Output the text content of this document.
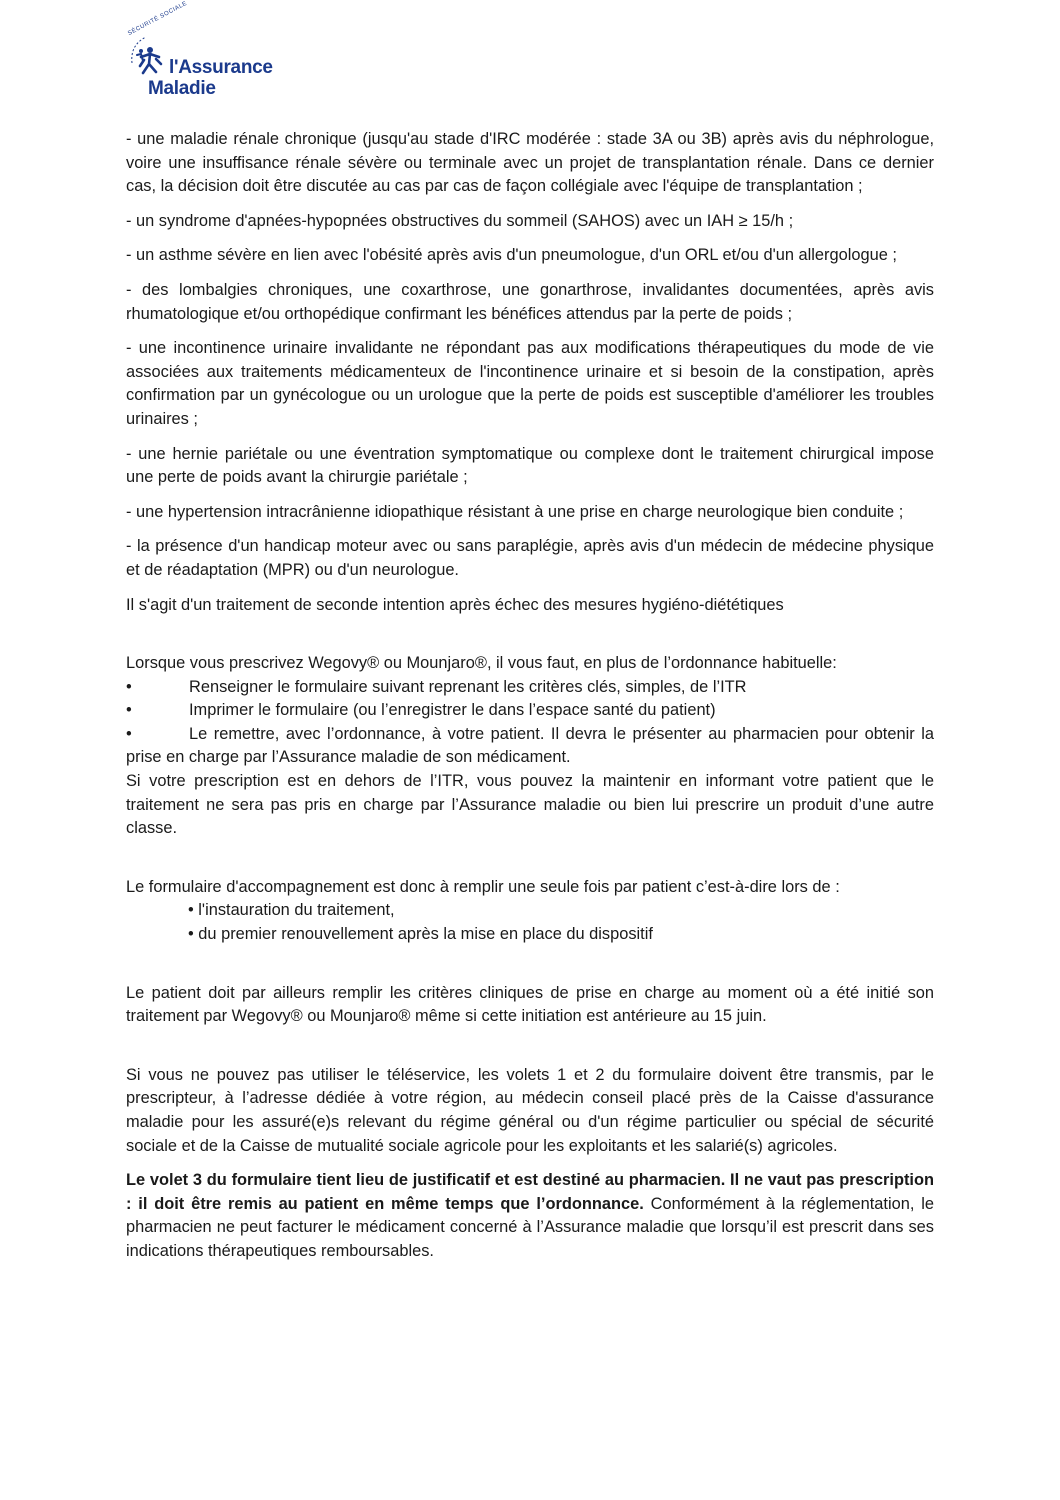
SÉCURITÉ SOCIALE
l'Assurance
Maladie

- une maladie rénale chronique (jusqu'au stade d'IRC modérée : stade 3A ou 3B) après avis du néphrologue, voire une insuffisance rénale sévère ou terminale avec un projet de transplantation rénale. Dans ce dernier cas, la décision doit être discutée au cas par cas de façon collégiale avec l'équipe de transplantation ;

- un syndrome d'apnées-hypopnées obstructives du sommeil (SAHOS) avec un IAH ≥ 15/h ;

- un asthme sévère en lien avec l'obésité après avis d'un pneumologue, d'un ORL et/ou d'un allergologue ;

- des lombalgies chroniques, une coxarthrose, une gonarthrose, invalidantes documentées, après avis rhumatologique et/ou orthopédique confirmant les bénéfices attendus par la perte de poids ;

- une incontinence urinaire invalidante ne répondant pas aux modifications thérapeutiques du mode de vie associées aux traitements médicamenteux de l'incontinence urinaire et si besoin de la constipation, après confirmation par un gynécologue ou un urologue que la perte de poids est susceptible d'améliorer les troubles urinaires ;

- une hernie pariétale ou une éventration symptomatique ou complexe dont le traitement chirurgical impose une perte de poids avant la chirurgie pariétale ;

- une hypertension intracrânienne idiopathique résistant à une prise en charge neurologique bien conduite ;

- la présence d'un handicap moteur avec ou sans paraplégie, après avis d'un médecin de médecine physique et de réadaptation (MPR) ou d'un neurologue.

Il s'agit d'un traitement de seconde intention après échec des mesures hygiéno-diététiques

Lorsque vous prescrivez Wegovy® ou Mounjaro®, il vous faut, en plus de l’ordonnance habituelle:

•	Renseigner le formulaire suivant reprenant les critères clés, simples, de l’ITR
•	Imprimer le formulaire (ou l’enregistrer le dans l’espace santé du patient)
•	Le remettre, avec l’ordonnance, à votre patient. Il devra le présenter au pharmacien pour obtenir la prise en charge par l’Assurance maladie de son médicament.

Si votre prescription est en dehors de l’ITR, vous pouvez la maintenir en informant votre patient que le traitement ne sera pas pris en charge par l’Assurance maladie ou bien lui prescrire un produit d’une autre classe.

Le formulaire d'accompagnement est donc à remplir une seule fois par patient c’est-à-dire lors de :

• l'instauration du traitement,

• du premier renouvellement après la mise en place du dispositif

Le patient doit par ailleurs remplir les critères cliniques de prise en charge au moment où a été initié son traitement par Wegovy® ou Mounjaro® même si cette initiation est antérieure au 15 juin.

Si vous ne pouvez pas utiliser le téléservice, les volets 1 et 2 du formulaire doivent être transmis, par le prescripteur, à l’adresse dédiée à votre région, au médecin conseil placé près de la Caisse d'assurance maladie pour les assuré(e)s relevant du régime général ou d'un régime particulier ou spécial de sécurité sociale et de la Caisse de mutualité sociale agricole pour les exploitants et les salarié(s) agricoles.

Le volet 3 du formulaire tient lieu de justificatif et est destiné au pharmacien. Il ne vaut pas prescription : il doit être remis au patient en même temps que l’ordonnance. Conformément à la réglementation, le pharmacien ne peut facturer le médicament concerné à l’Assurance maladie que lorsqu’il est prescrit dans ses indications thérapeutiques remboursables.
